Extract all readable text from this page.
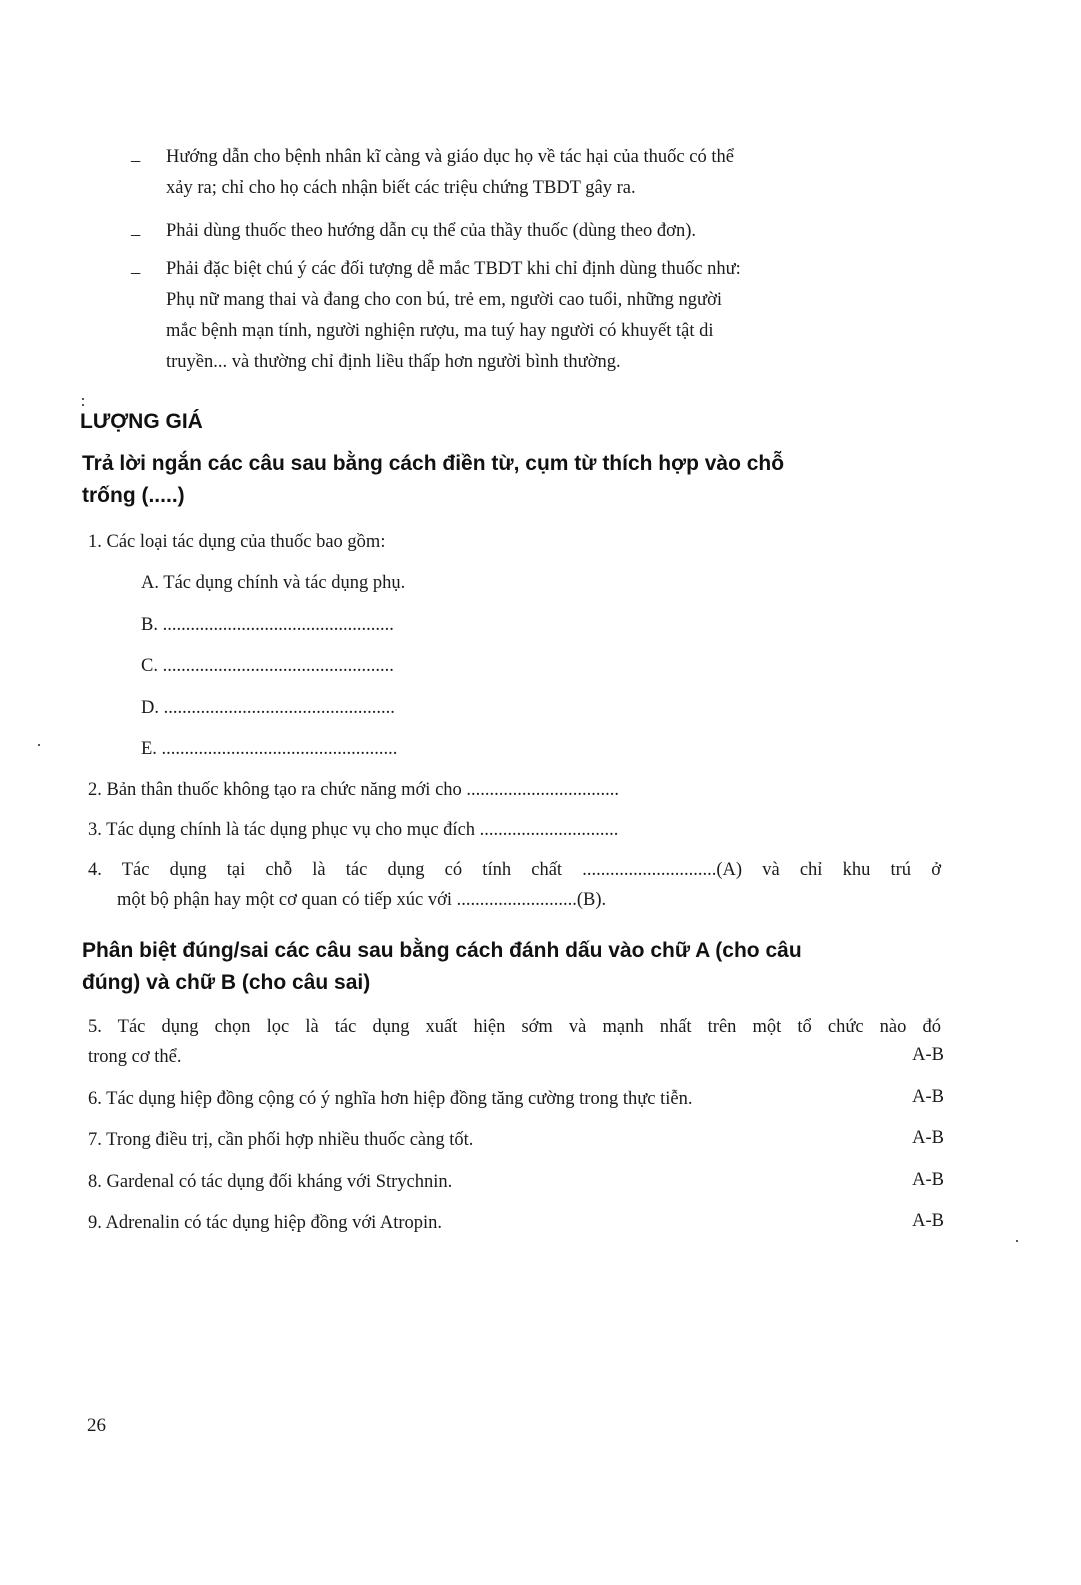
– Hướng dẫn cho bệnh nhân kĩ càng và giáo dục họ về tác hại của thuốc có thể
xảy ra; chỉ cho họ cách nhận biết các triệu chứng TBDT gây ra.
– Phải dùng thuốc theo hướng dẫn cụ thể của thầy thuốc (dùng theo đơn).
– Phải đặc biệt chú ý các đối tượng dễ mắc TBDT khi chỉ định dùng thuốc như:
Phụ nữ mang thai và đang cho con bú, trẻ em, người cao tuổi, những người
mắc bệnh mạn tính, người nghiện rượu, ma tuý hay người có khuyết tật di
truyền... và thường chỉ định liều thấp hơn người bình thường.
LƯỢNG GIÁ
Trả lời ngắn các câu sau bằng cách điền từ, cụm từ thích hợp vào chỗ
trống (.....)
1. Các loại tác dụng của thuốc bao gồm:
A. Tác dụng chính và tác dụng phụ.
B. ..................................................
C. ..................................................
D. ..................................................
E. ...................................................
2. Bản thân thuốc không tạo ra chức năng mới cho .................................
3. Tác dụng chính là tác dụng phục vụ cho mục đích ..............................
4. Tác dụng tại chỗ là tác dụng có tính chất .............................(A) và chỉ khu trú ở
một bộ phận hay một cơ quan có tiếp xúc với ..........................(B).
Phân biệt đúng/sai các câu sau bằng cách đánh dấu vào chữ A (cho câu
đúng) và chữ B (cho câu sai)
5. Tác dụng chọn lọc là tác dụng xuất hiện sớm và mạnh nhất trên một tổ chức nào đó
trong cơ thể.	A-B
6. Tác dụng hiệp đồng cộng có ý nghĩa hơn hiệp đồng tăng cường trong thực tiễn.	A-B
7. Trong điều trị, cần phối hợp nhiều thuốc càng tốt.	A-B
8. Gardenal có tác dụng đối kháng với Strychnin.	A-B
9. Adrenalin có tác dụng hiệp đồng với Atropin.	A-B
26
